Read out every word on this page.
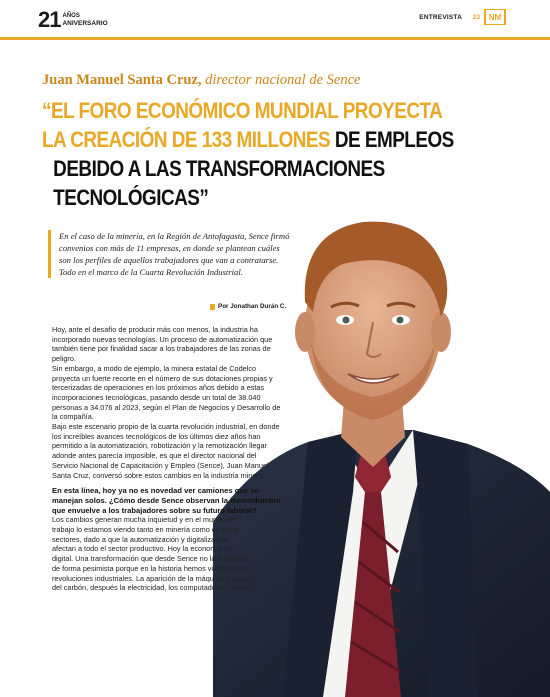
21 AÑOS
ANIVERSARIO
ENTREVISTA 23	NM
Juan Manuel Santa Cruz, director nacional de Sence
“EL FORO ECONÓMICO MUNDIAL PROYECTA
LA CREACIÓN DE 133 MILLONES DE EMPLEOS
DEBIDO A LAS TRANSFORMACIONES TECNOLÓGICAS”
En el caso de la minería, en la Región de Antofagasta, Sence firmó convenios con más de 11 empresas, en donde se plantean cuáles son los perfiles de aquellos trabajadores que van a contratarse. Todo en el marco de la Cuarta Revolución Industrial.
Por Jonathan Durán C.

Hoy, ante el desafío de producir más con menos, la industria ha incorporado nuevas tecnologías. Un proceso de automatización que también tiene por finalidad sacar a los trabajadores de las zonas de peligro.

Sin embargo, a modo de ejemplo, la minera estatal de Codelco proyecta un fuerte recorte en el número de sus dotaciones propias y tercerizadas de operaciones en los próximos años debido a estas incorporaciones tecnológicas, pasando desde un total de 38.040 personas a 34.076 al 2023, según el Plan de Negocios y Desarrollo de la compañía.

Bajo este escenario propio de la cuarta revolución industrial, en donde los increíbles avances tecnológicos de los últimos diez años han permitido a la automatización, robotización y la remotización llegar adonde antes parecía imposible, es que el director nacional del Servicio Nacional de Capacitación y Empleo (Sence), Juan Manuel Santa Cruz, conversó sobre estos cambios en la industria minera.

En esta línea, hoy ya no es novedad ver camiones que se manejan solos. ¿Cómo desde Sence observan la incertidumbre que envuelve a los trabajadores sobre su futuro laboral?

Los cambios generan mucha inquietud y en el mundo del trabajo lo estamos viendo tanto en minería como en otros sectores, dado a que la automatización y digitalización afectan a todo el sector productivo. Hoy la economía es digital. Una transformación que desde Sence no la miramos de forma pesimista porque en la historia hemos vivido varias revoluciones industriales. La aparición de la máquina a vapor, del carbón, después la electricidad, los computadores y estos
